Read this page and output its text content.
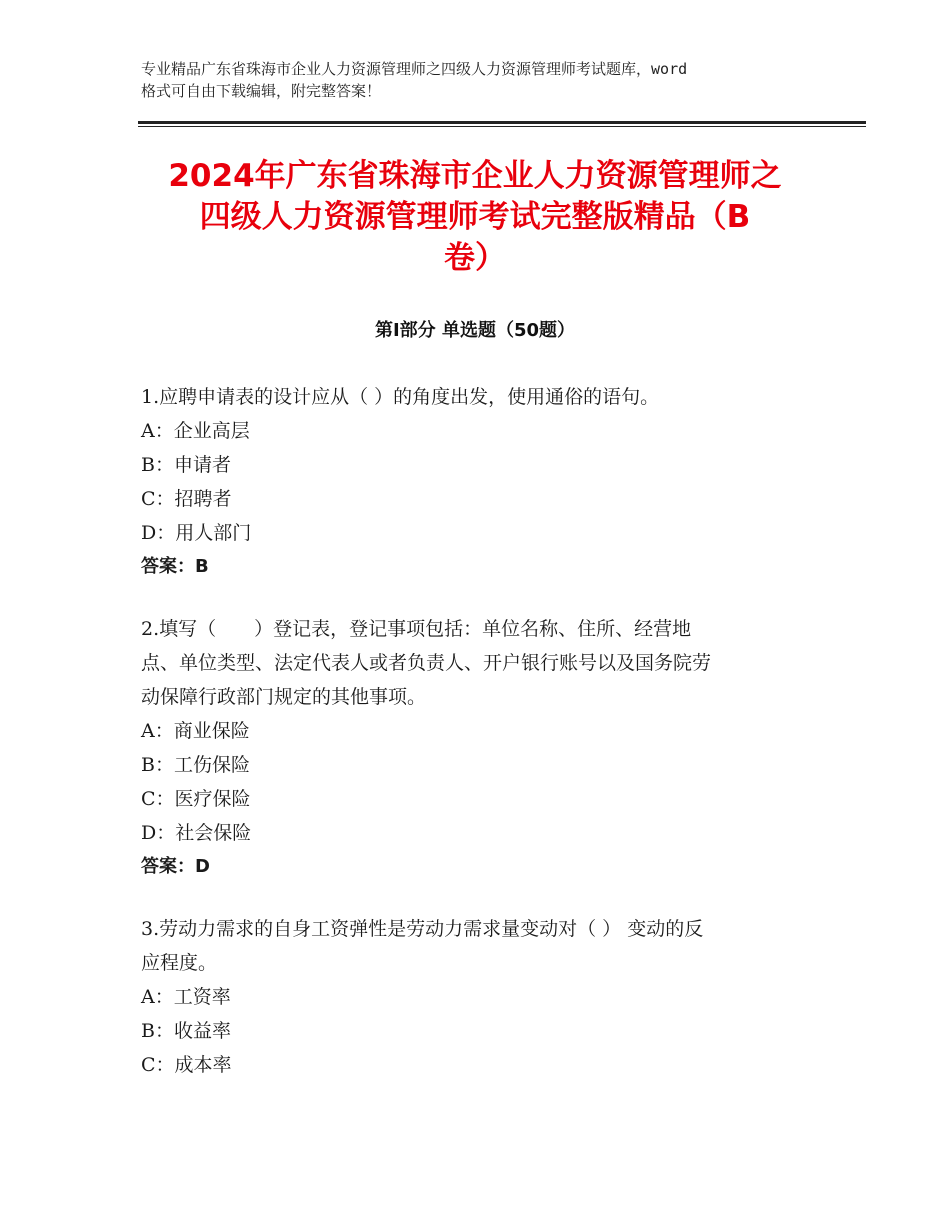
专业精品广东省珠海市企业人力资源管理师之四级人力资源管理师考试题库，word
格式可自由下载编辑，附完整答案！
2024年广东省珠海市企业人力资源管理师之
四级人力资源管理师考试完整版精品（B
卷）
第Ⅰ部分 单选题（50题）

1.应聘申请表的设计应从（ ）的角度出发，使用通俗的语句。

A：企业高层

B：申请者

C：招聘者

D：用人部门

答案：B

2.填写（　　）登记表，登记事项包括：单位名称、住所、经营地

点、单位类型、法定代表人或者负责人、开户银行账号以及国务院劳

动保障行政部门规定的其他事项。

A：商业保险

B：工伤保险

C：医疗保险

D：社会保险

答案：D

3.劳动力需求的自身工资弹性是劳动力需求量变动对（ ） 变动的反

应程度。

A：工资率

B：收益率

C：成本率
